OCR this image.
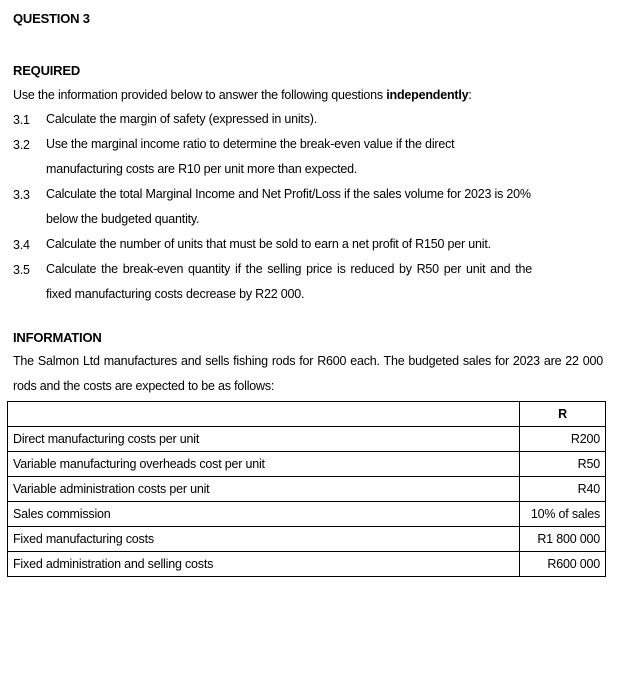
QUESTION 3
REQUIRED
Use the information provided below to answer the following questions independently:
3.1 Calculate the margin of safety (expressed in units).
3.2 Use the marginal income ratio to determine the break-even value if the direct manufacturing costs are R10 per unit more than expected.
3.3 Calculate the total Marginal Income and Net Profit/Loss if the sales volume for 2023 is 20% below the budgeted quantity.
3.4 Calculate the number of units that must be sold to earn a net profit of R150 per unit.
3.5 Calculate the break-even quantity if the selling price is reduced by R50 per unit and the fixed manufacturing costs decrease by R22 000.
INFORMATION
The Salmon Ltd manufactures and sells fishing rods for R600 each. The budgeted sales for 2023 are 22 000 rods and the costs are expected to be as follows:
	R
Direct manufacturing costs per unit	R200
Variable manufacturing overheads cost per unit	R50
Variable administration costs per unit	R40
Sales commission	10% of sales
Fixed manufacturing costs	R1 800 000
Fixed administration and selling costs	R600 000
